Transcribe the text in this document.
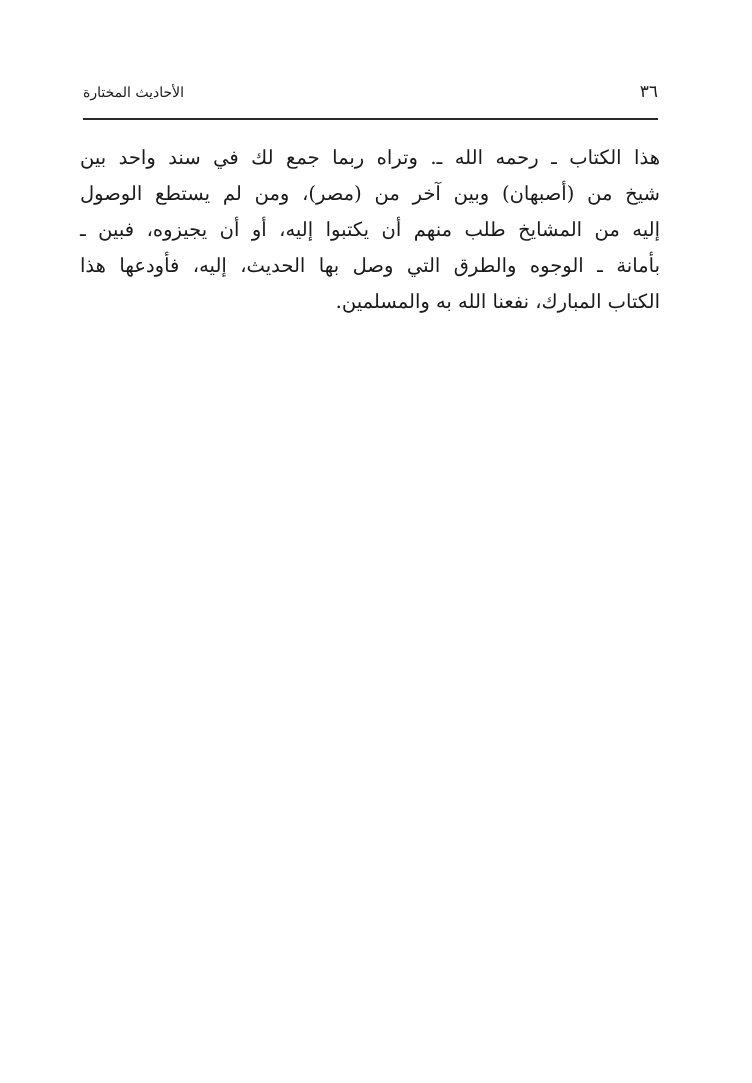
٣٦
الأحاديث المختارة
هذا الكتاب ـ رحمه الله ـ. وتراه ربما جمع لك في سند واحد بين
شيخ من (أصبهان) وبين آخر من (مصر)، ومن لم يستطع الوصول
إليه من المشايخ طلب منهم أن يكتبوا إليه، أو أن يجيزوه، فبين ـ
بأمانة ـ الوجوه والطرق التي وصل بها الحديث، إليه، فأودعها هذا
الكتاب المبارك، نفعنا الله به والمسلمين.
